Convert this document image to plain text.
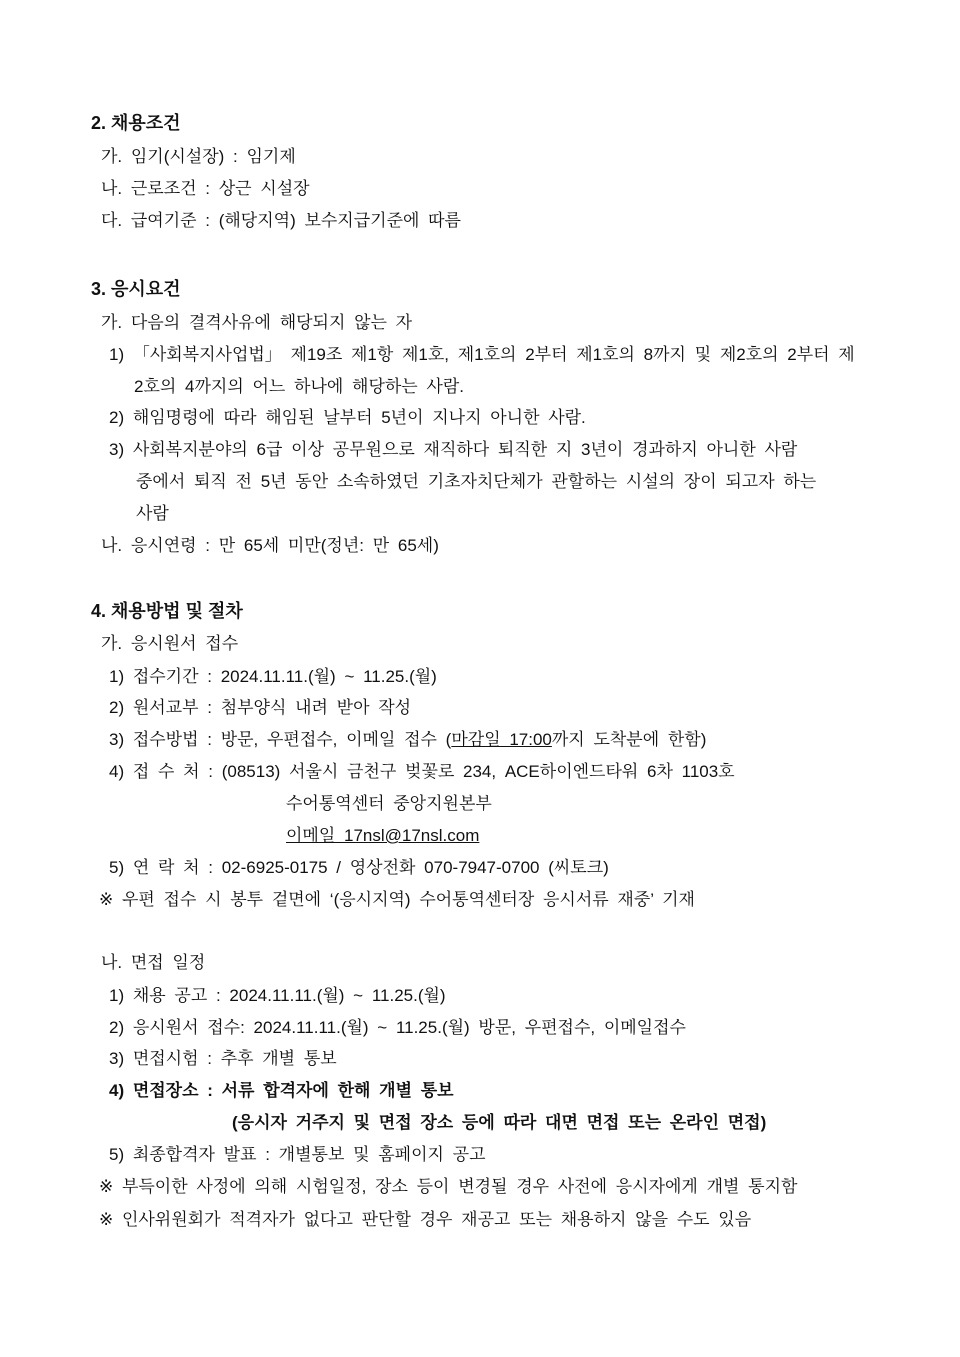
2. 채용조건
가. 임기(시설장) : 임기제
나. 근로조건 : 상근 시설장
다. 급여기준 : (해당지역) 보수지급기준에 따름
3. 응시요건
가. 다음의 결격사유에 해당되지 않는 자
1) 「사회복지사업법」 제19조 제1항 제1호, 제1호의 2부터 제1호의 8까지 및 제2호의 2부터 제
2호의 4까지의 어느 하나에 해당하는 사람.
2) 해임명령에 따라 해임된 날부터 5년이 지나지 아니한 사람.
3) 사회복지분야의 6급 이상 공무원으로 재직하다 퇴직한 지 3년이 경과하지 아니한 사람
중에서 퇴직 전 5년 동안 소속하였던 기초자치단체가 관할하는 시설의 장이 되고자 하는
사람
나. 응시연령 : 만 65세 미만(정년: 만 65세)
4. 채용방법 및 절차
가. 응시원서 접수
1) 접수기간 : 2024.11.11.(월) ~ 11.25.(월)
2) 원서교부 : 첨부양식 내려 받아 작성
3) 접수방법 : 방문, 우편접수, 이메일 접수 (마감일 17:00까지 도착분에 한함)
4) 접 수 처 : (08513) 서울시 금천구 벚꽃로 234, ACE하이엔드타워 6차 1103호
수어통역센터 중앙지원본부
이메일 17nsl@17nsl.com
5) 연 락 처 : 02-6925-0175 / 영상전화 070-7947-0700 (씨토크)
※ 우편 접수 시 봉투 겉면에 ‘(응시지역) 수어통역센터장 응시서류 재중’ 기재
나. 면접 일정
1) 채용 공고 : 2024.11.11.(월) ~ 11.25.(월)
2) 응시원서 접수: 2024.11.11.(월) ~ 11.25.(월) 방문, 우편접수, 이메일접수
3) 면접시험 : 추후 개별 통보
4) 면접장소 : 서류 합격자에 한해 개별 통보
(응시자 거주지 및 면접 장소 등에 따라 대면 면접 또는 온라인 면접)
5) 최종합격자 발표 : 개별통보 및 홈페이지 공고
※ 부득이한 사정에 의해 시험일정, 장소 등이 변경될 경우 사전에 응시자에게 개별 통지함
※ 인사위원회가 적격자가 없다고 판단할 경우 재공고 또는 채용하지 않을 수도 있음
